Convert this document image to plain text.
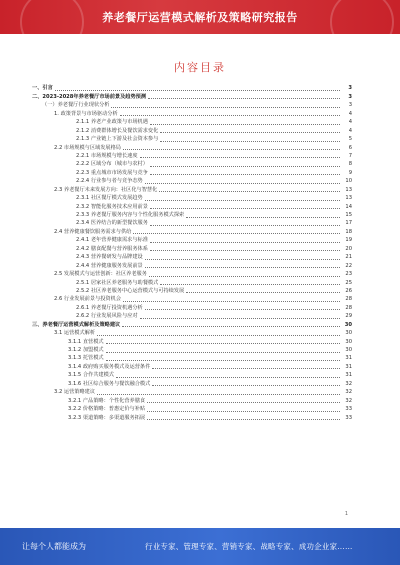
养老餐厅运营模式解析及策略研究报告
内容目录
一、引言	3
二、2023-2028年养老餐厅市场前景及趋势预测	3
（一）养老餐厅行业现状分析	3
1. 政策背景与市场驱动分析	4
2.1.1 养老产业政策与市场机遇	4
2.1.2 消费群体增长及餐饮需求变化	4
2.1.3 产业链上下游及社会资本参与	5
2.2 市场规模与区域发展格局	6
2.2.1 市场规模与增长速度	7
2.2.2 区域分布（城市与农村）	8
2.2.3 重点城市市场发展与竞争	9
2.2.4 行业参与者与竞争态势	10
2.3 养老餐厅未来发展方向：社区化与智慧化	13
2.3.1 社区餐厅模式发展趋势	13
2.3.2 智能化服务技术应用前景	14
2.3.3 养老餐厅服务内容与个性化服务模式探索	15
2.3.4 医养结合的新型餐饮服务	17
2.4 营养健康餐饮服务需求与供给	18
2.4.1 老年营养健康需求与标准	19
2.4.2 膳食配餐与营养服务体系	20
2.4.3 营养餐研发与品牌建设	21
2.4.4 营养健康服务发展前景	22
2.5 发展模式与运营创新：社区养老服务	23
2.5.1 居家社区养老服务与助餐模式	25
2.5.2 社区养老服务中心运营模式与可持续发展	26
2.6 行业发展前景与投资机会	28
2.6.1 养老餐厅投资机遇分析	28
2.6.2 行业发展风险与应对	29
三、养老餐厅运营模式解析及策略建议	30
3.1 运营模式解析	30
3.1.1 直营模式	30
3.1.2 加盟模式	30
3.1.3 托管模式	31
3.1.4 政府购买服务模式及运营条件	31
3.1.5 合作共建模式	31
3.1.6 社区综合服务与餐饮融合模式	32
3.2 运营策略建议	32
3.2.1 产品策略：个性化营养膳食	32
3.2.2 价格策略：普惠定价与补贴	33
3.2.3 渠道策略：多渠道服务拓展	33
1
让每个人都能成为	行业专家、管理专家、营销专家、战略专家、成功企业家……
